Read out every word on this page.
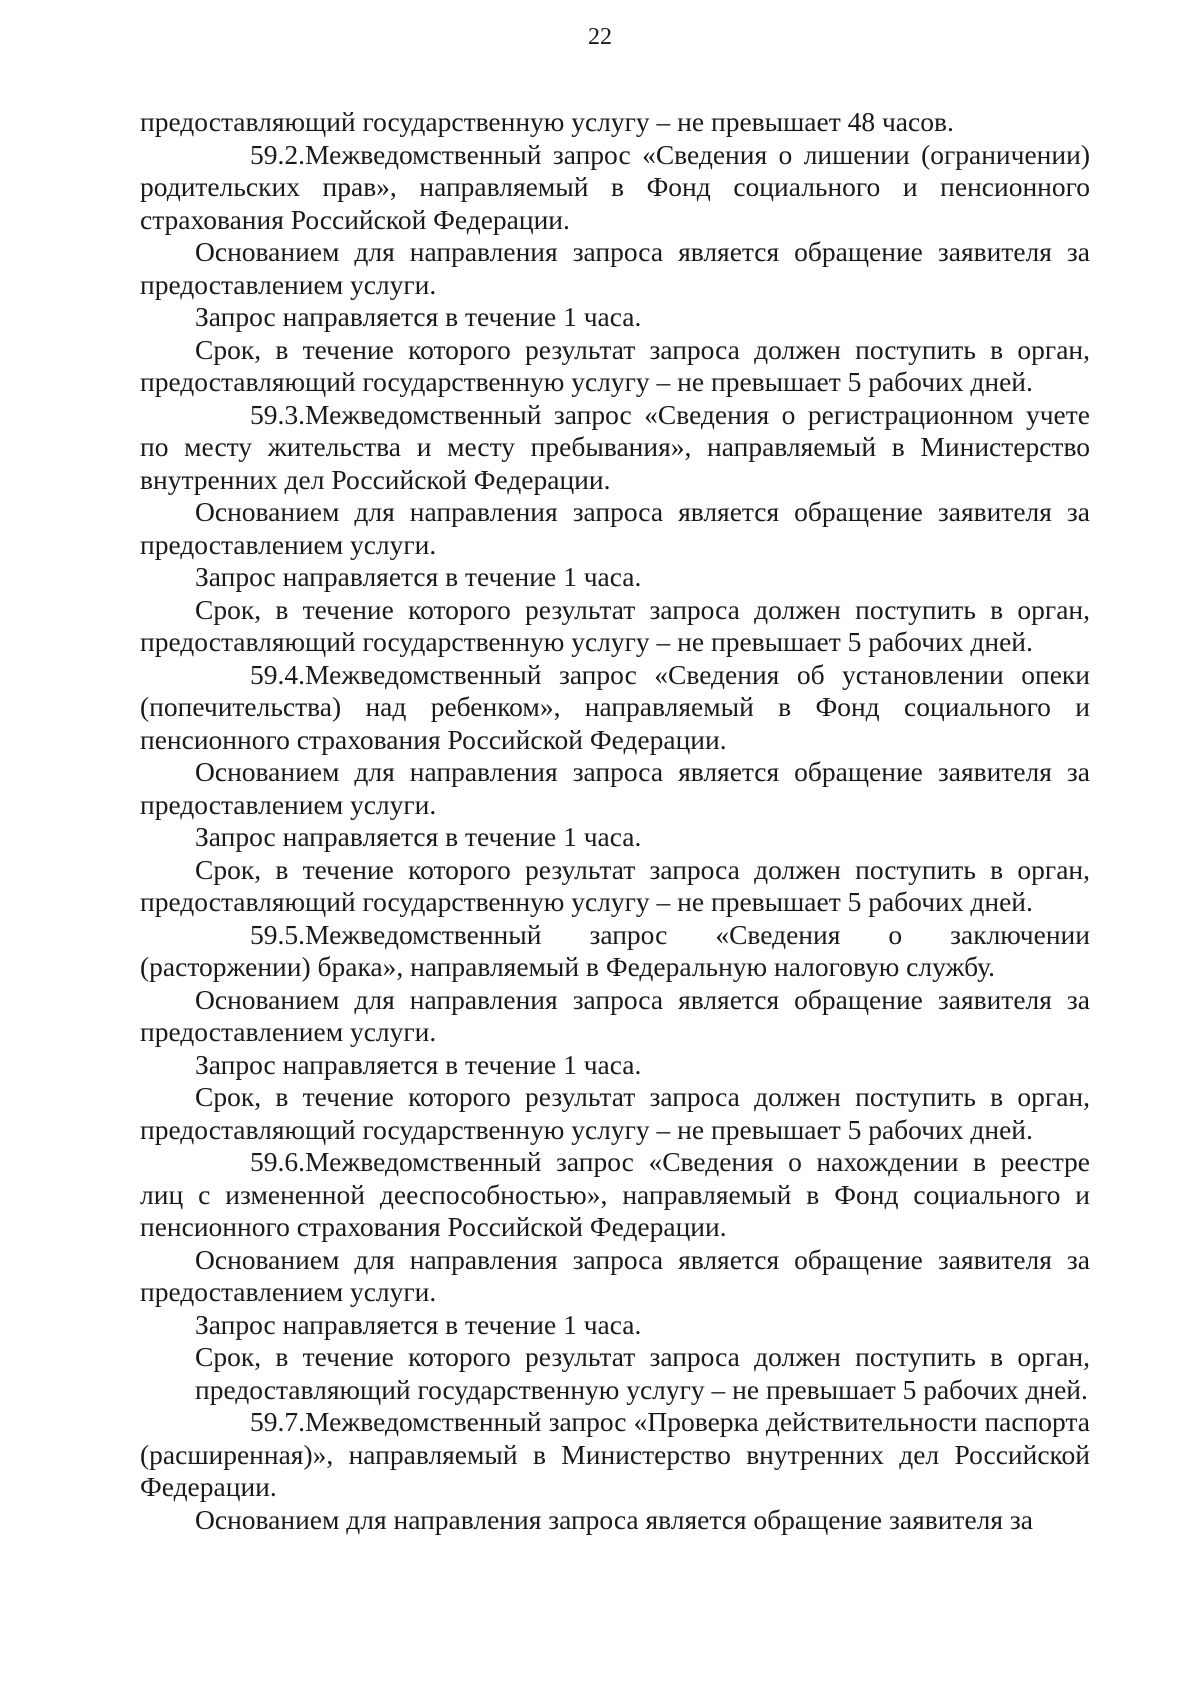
22

предоставляющий государственную услугу – не превышает 48 часов.

59.2.Межведомственный запрос «Сведения о лишении (ограничении) родительских прав», направляемый в Фонд социального и пенсионного страхования Российской Федерации.

Основанием для направления запроса является обращение заявителя за предоставлением услуги.

Запрос направляется в течение 1 часа.

Срок, в течение которого результат запроса должен поступить в орган, предоставляющий государственную услугу – не превышает 5 рабочих дней.

59.3.Межведомственный запрос «Сведения о регистрационном учете по месту жительства и месту пребывания», направляемый в Министерство внутренних дел Российской Федерации.

Основанием для направления запроса является обращение заявителя за предоставлением услуги.

Запрос направляется в течение 1 часа.

Срок, в течение которого результат запроса должен поступить в орган, предоставляющий государственную услугу – не превышает 5 рабочих дней.

59.4.Межведомственный запрос «Сведения об установлении опеки (попечительства) над ребенком», направляемый в Фонд социального и пенсионного страхования Российской Федерации.

Основанием для направления запроса является обращение заявителя за предоставлением услуги.

Запрос направляется в течение 1 часа.

Срок, в течение которого результат запроса должен поступить в орган, предоставляющий государственную услугу – не превышает 5 рабочих дней.

59.5.Межведомственный запрос «Сведения о заключении (расторжении) брака», направляемый в Федеральную налоговую службу.

Основанием для направления запроса является обращение заявителя за предоставлением услуги.

Запрос направляется в течение 1 часа.

Срок, в течение которого результат запроса должен поступить в орган, предоставляющий государственную услугу – не превышает 5 рабочих дней.

59.6.Межведомственный запрос «Сведения о нахождении в реестре лиц с измененной дееспособностью», направляемый в Фонд социального и пенсионного страхования Российской Федерации.

Основанием для направления запроса является обращение заявителя за предоставлением услуги.

Запрос направляется в течение 1 часа.

Срок, в течение которого результат запроса должен поступить в орган, предоставляющий государственную услугу – не превышает 5 рабочих дней.

59.7.Межведомственный запрос «Проверка действительности паспорта (расширенная)», направляемый в Министерство внутренних дел Российской Федерации.

Основанием для направления запроса является обращение заявителя за
